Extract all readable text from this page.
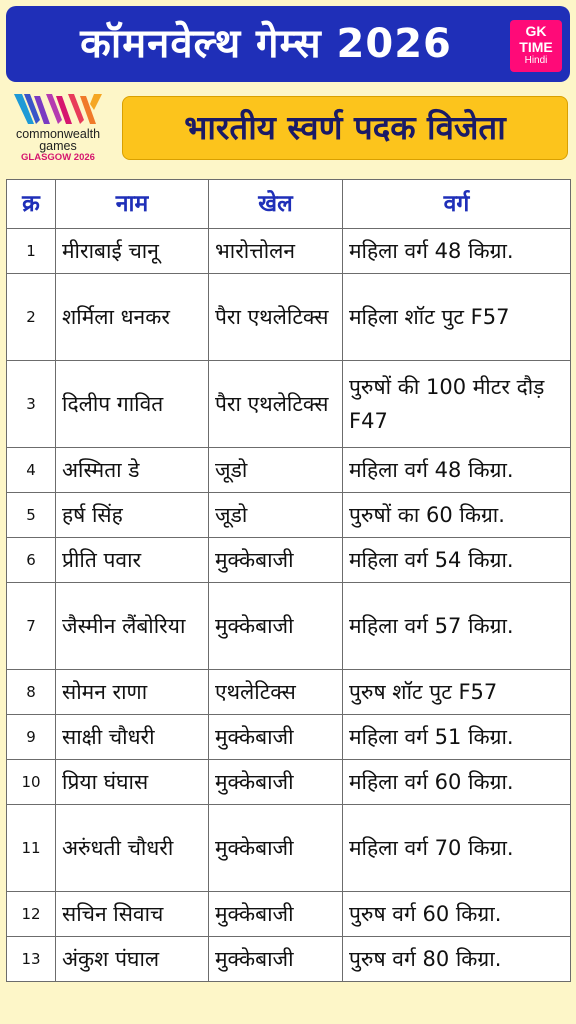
कॉमनवेल्थ गेम्स 2026	GK
TIME
Hindi
commonwealth
games
GLASGOW 2026
भारतीय स्वर्ण पदक विजेता
क्र	नाम	खेल	वर्ग
1	मीराबाई चानू	भारोत्तोलन	महिला वर्ग 48 किग्रा.
2	शर्मिला धनकर	पैरा एथलेटिक्स	महिला शॉट पुट F57
3	दिलीप गावित	पैरा एथलेटिक्स	पुरुषों की 100 मीटर दौड़ F47
4	अस्मिता डे	जूडो	महिला वर्ग 48 किग्रा.
5	हर्ष सिंह	जूडो	पुरुषों का 60 किग्रा.
6	प्रीति पवार	मुक्केबाजी	महिला वर्ग 54 किग्रा.
7	जैस्मीन लैंबोरिया	मुक्केबाजी	महिला वर्ग 57 किग्रा.
8	सोमन राणा	एथलेटिक्स	पुरुष शॉट पुट F57
9	साक्षी चौधरी	मुक्केबाजी	महिला वर्ग 51 किग्रा.
10	प्रिया घंघास	मुक्केबाजी	महिला वर्ग 60 किग्रा.
11	अरुंधती चौधरी	मुक्केबाजी	महिला वर्ग 70 किग्रा.
12	सचिन सिवाच	मुक्केबाजी	पुरुष वर्ग 60 किग्रा.
13	अंकुश पंघाल	मुक्केबाजी	पुरुष वर्ग 80 किग्रा.
